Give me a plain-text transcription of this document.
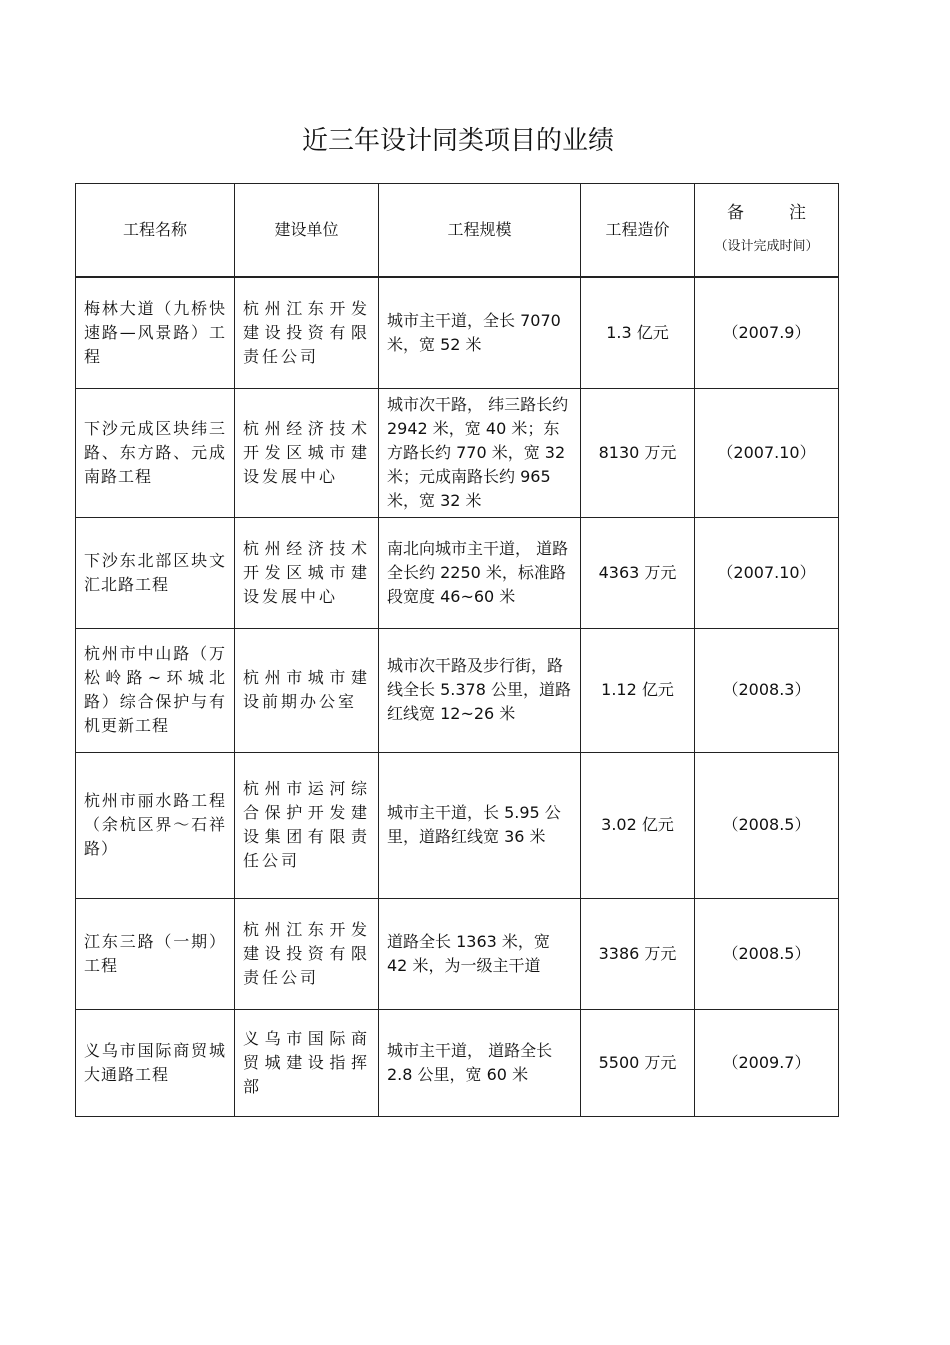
近三年设计同类项目的业绩
工程名称	建设单位	工程规模	工程造价	备　注
（设计完成时间）

梅林大道（九桥快速路—风景路）工程	杭州江东开发建设投资有限责任公司	城市主干道，全长 7070 米，宽 52 米	1.3 亿元	（2007.9）
下沙元成区块纬三路、东方路、元成南路工程	杭州经济技术开发区城市建设发展中心	城市次干路， 纬三路长约 2942 米，宽 40 米；东方路长约 770 米，宽 32 米；元成南路长约 965 米，宽 32 米	8130 万元	（2007.10）
下沙东北部区块文汇北路工程	杭州经济技术开发区城市建设发展中心	南北向城市主干道， 道路全长约 2250 米，标准路段宽度 46~60 米	4363 万元	（2007.10）
杭州市中山路（万松岭路~环城北路）综合保护与有机更新工程	杭州市城市建设前期办公室	城市次干路及步行街，路线全长 5.378 公里，道路红线宽 12~26 米	1.12 亿元	（2008.3）
杭州市丽水路工程（余杭区界～石祥路）	杭州市运河综合保护开发建设集团有限责任公司	城市主干道，长 5.95 公里，道路红线宽 36 米	3.02 亿元	（2008.5）
江东三路（一期）工程	杭州江东开发建设投资有限责任公司	道路全长 1363 米，宽 42 米，为一级主干道	3386 万元	（2008.5）
义乌市国际商贸城大通路工程	义乌市国际商贸城建设指挥部	城市主干道， 道路全长 2.8 公里，宽 60 米	5500 万元	（2009.7）
